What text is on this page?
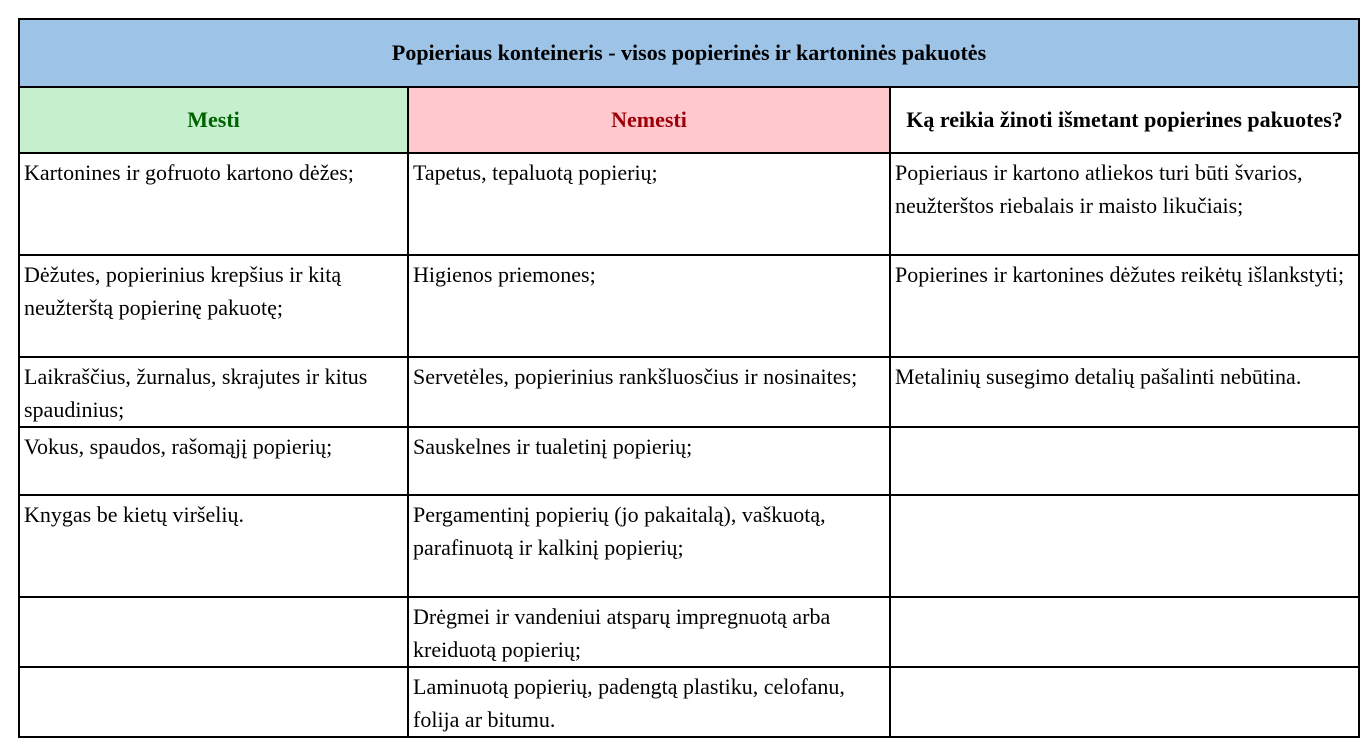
Popieriaus konteineris - visos popierinės ir kartoninės pakuotės		
Mesti	Nemesti	Ką reikia žinoti išmetant popierines pakuotes?
Kartonines ir gofruoto kartono dėžes;	Tapetus, tepaluotą popierių;	Popieriaus ir kartono atliekos turi būti švarios, neužterštos riebalais ir maisto likučiais;
Dėžutes, popierinius krepšius ir kitą neužterštą popierinę pakuotę;	Higienos priemones;	Popierines ir kartonines dėžutes reikėtų išlankstyti;
Laikraščius, žurnalus, skrajutes ir kitus spaudinius;	Servetėles, popierinius rankšluosčius ir nosinaites;	Metalinių susegimo detalių pašalinti nebūtina.
Vokus, spaudos, rašomąjį popierių;	Sauskelnes ir tualetinį popierių;	
Knygas be kietų viršelių.	Pergamentinį popierių (jo pakaitalą), vaškuotą, parafinuotą ir kalkinį popierių;	
	Drėgmei ir vandeniui atsparų impregnuotą arba kreiduotą popierių;	
	Laminuotą popierių, padengtą plastiku, celofanu, folija ar bitumu.	
